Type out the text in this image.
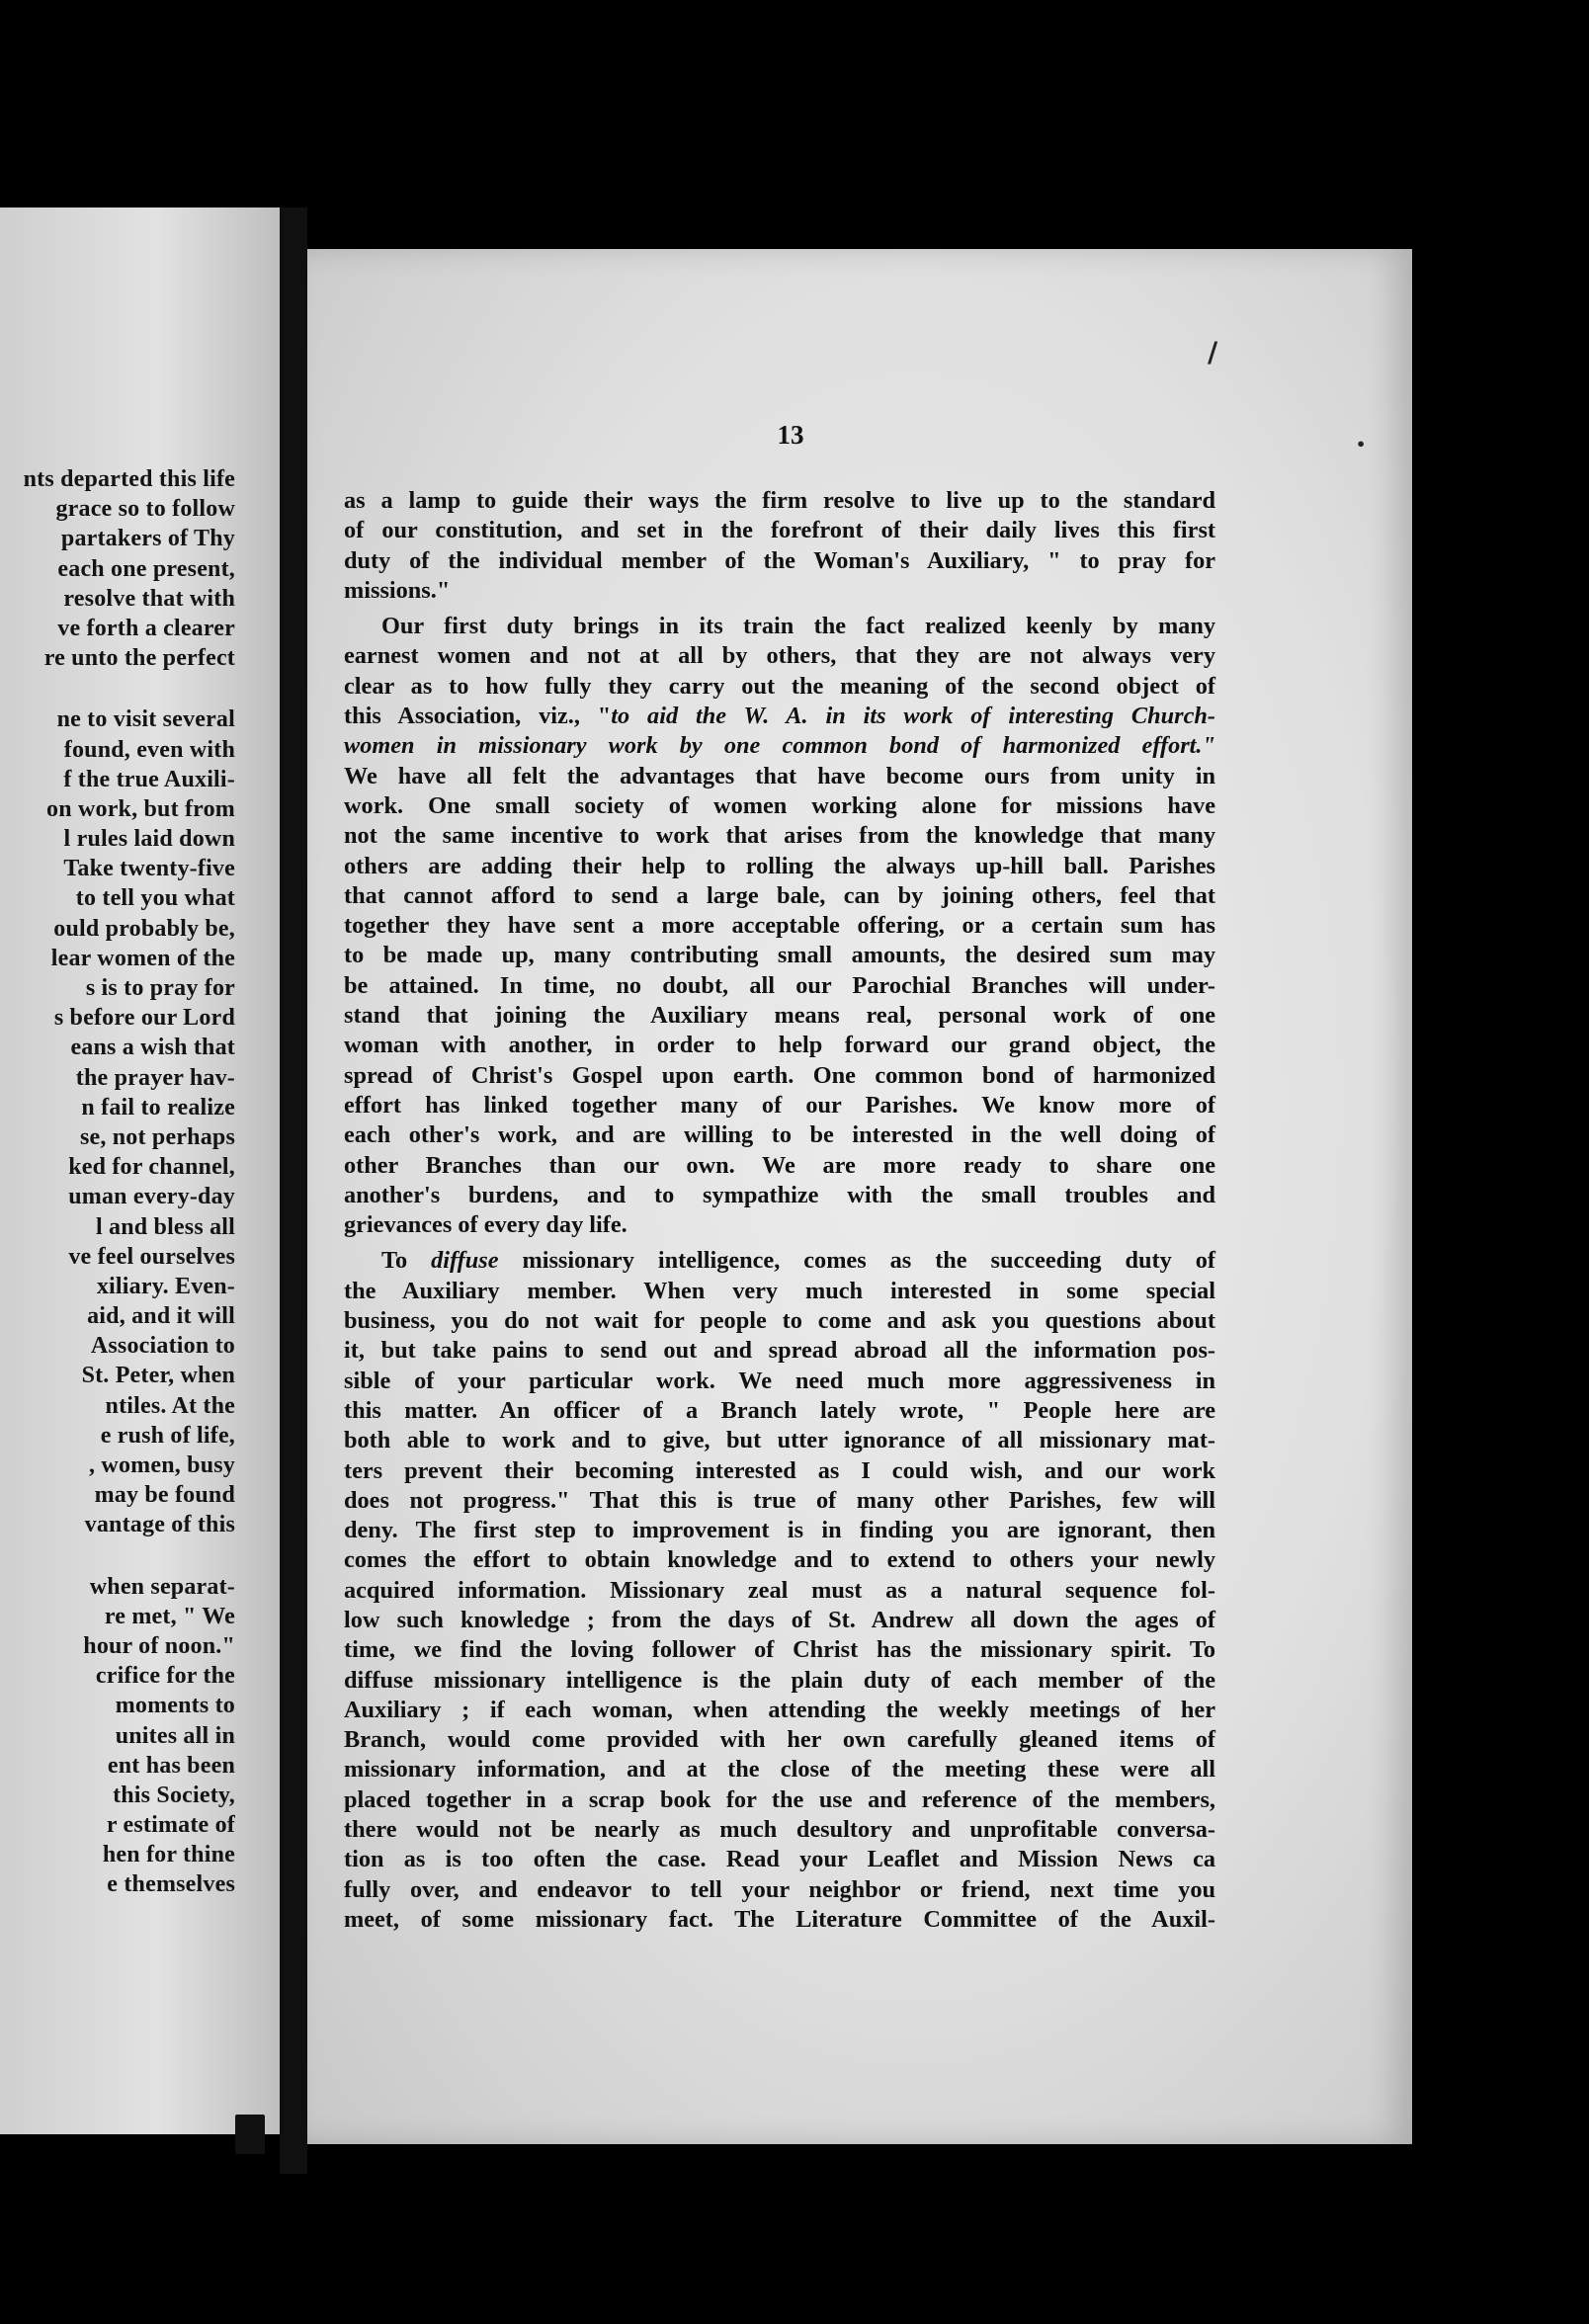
nts departed this life
grace so to follow
partakers of Thy
each one present,
resolve that with
ve forth a clearer
re unto the perfect
ne to visit several
found, even with
f the true Auxili-
on work, but from
l rules laid down
Take twenty-five
to tell you what
ould probably be,
lear women of the
s is to pray for
s before our Lord
eans a wish that
the prayer hav-
n fail to realize
se, not perhaps
ked for channel,
uman every-day
l and bless all
ve feel ourselves
xiliary. Even-
aid, and it will
Association to
St. Peter, when
ntiles. At the
e rush of life,
, women, busy
may be found
vantage of this
when separat-
re met, " We
hour of noon."
crifice for the
moments to
unites all in
ent has been
this Society,
r estimate of
hen for thine
e themselves
/
•
13
as a lamp to guide their ways the firm resolve to live up to the standard
of our constitution, and set in the forefront of their daily lives this first
duty of the individual member of the Woman's Auxiliary, " to pray for
missions."
Our first duty brings in its train the fact realized keenly by many
earnest women and not at all by others, that they are not always very
clear as to how fully they carry out the meaning of the second object of
this Association, viz., "to aid the W. A. in its work of interesting Church-
women in missionary work by one common bond of harmonized effort."
We have all felt the advantages that have become ours from unity in
work. One small society of women working alone for missions have
not the same incentive to work that arises from the knowledge that many
others are adding their help to rolling the always up-hill ball. Parishes
that cannot afford to send a large bale, can by joining others, feel that
together they have sent a more acceptable offering, or a certain sum has
to be made up, many contributing small amounts, the desired sum may
be attained. In time, no doubt, all our Parochial Branches will under-
stand that joining the Auxiliary means real, personal work of one
woman with another, in order to help forward our grand object, the
spread of Christ's Gospel upon earth. One common bond of harmonized
effort has linked together many of our Parishes. We know more of
each other's work, and are willing to be interested in the well doing of
other Branches than our own. We are more ready to share one
another's burdens, and to sympathize with the small troubles and
grievances of every day life.
To diffuse missionary intelligence, comes as the succeeding duty of
the Auxiliary member. When very much interested in some special
business, you do not wait for people to come and ask you questions about
it, but take pains to send out and spread abroad all the information pos-
sible of your particular work. We need much more aggressiveness in
this matter. An officer of a Branch lately wrote, " People here are
both able to work and to give, but utter ignorance of all missionary mat-
ters prevent their becoming interested as I could wish, and our work
does not progress." That this is true of many other Parishes, few will
deny. The first step to improvement is in finding you are ignorant, then
comes the effort to obtain knowledge and to extend to others your newly
acquired information. Missionary zeal must as a natural sequence fol-
low such knowledge ; from the days of St. Andrew all down the ages of
time, we find the loving follower of Christ has the missionary spirit. To
diffuse missionary intelligence is the plain duty of each member of the
Auxiliary ; if each woman, when attending the weekly meetings of her
Branch, would come provided with her own carefully gleaned items of
missionary information, and at the close of the meeting these were all
placed together in a scrap book for the use and reference of the members,
there would not be nearly as much desultory and unprofitable conversa-
tion as is too often the case. Read your Leaflet and Mission News ca
fully over, and endeavor to tell your neighbor or friend, next time you
meet, of some missionary fact. The Literature Committee of the Auxil-
